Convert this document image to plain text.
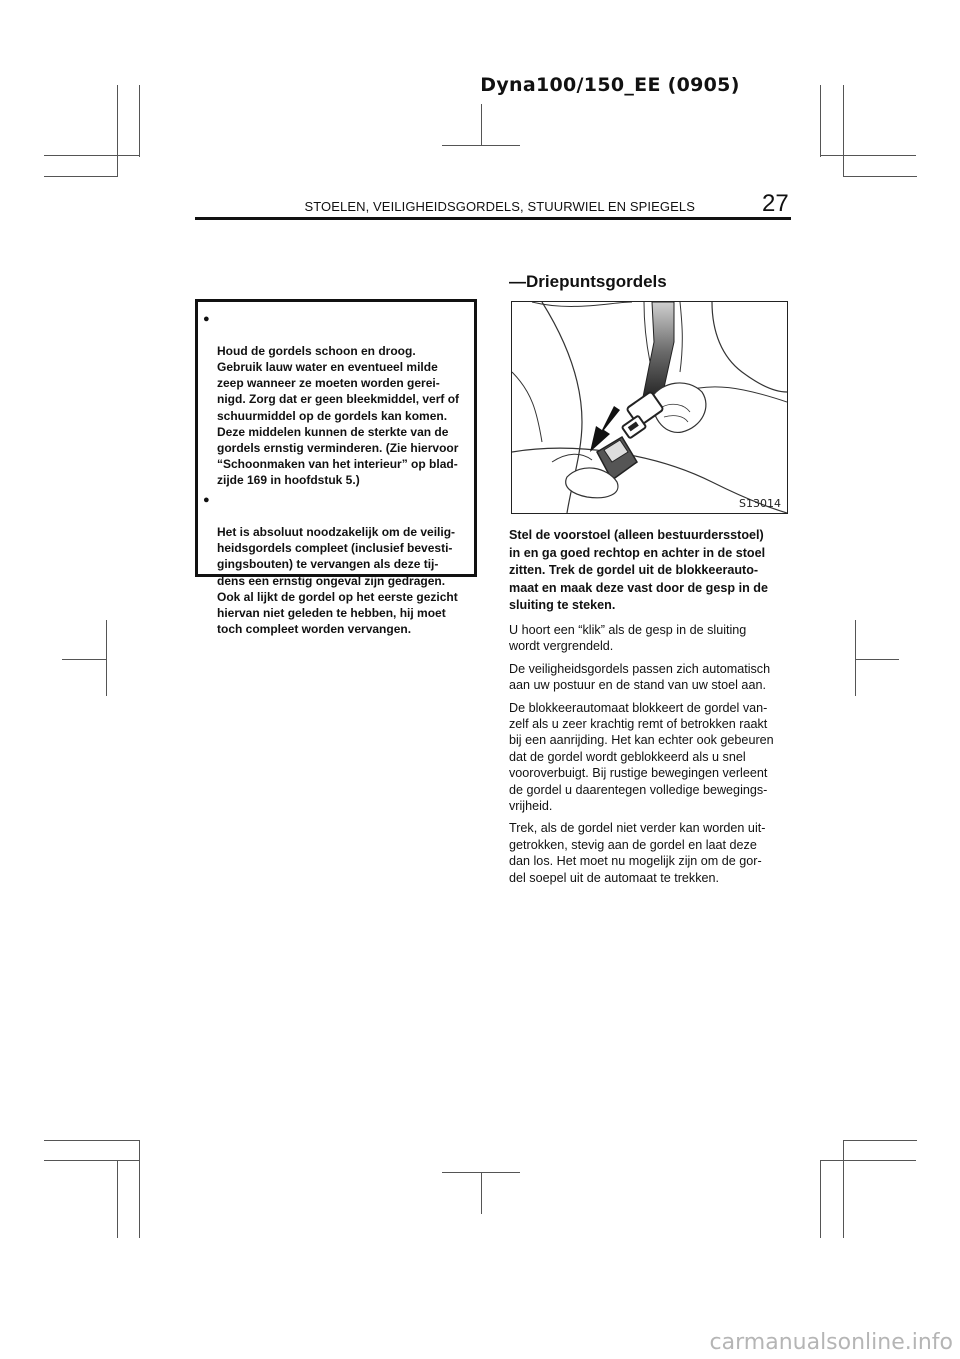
Dyna100/150_EE (0905)
STOELEN, VEILIGHEIDSGORDELS, STUURWIEL EN SPIEGELS	27

●

Houd de gordels schoon en droog.
Gebruik lauw water en eventueel milde
zeep wanneer ze moeten worden gerei-
nigd. Zorg dat er geen bleekmiddel, verf of
schuurmiddel op de gordels kan komen.
Deze middelen kunnen de sterkte van de
gordels ernstig verminderen. (Zie hiervoor
“Schoonmaken van het interieur” op blad-
zijde 169 in hoofdstuk 5.)

●

Het is absoluut noodzakelijk om de veilig-
heidsgordels compleet (inclusief bevesti-
gingsbouten) te vervangen als deze tij-
dens een ernstig ongeval zijn gedragen.
Ook al lijkt de gordel op het eerste gezicht
hiervan niet geleden te hebben, hij moet
toch compleet worden vervangen.

—Driepuntsgordels
S13014

Stel de voorstoel (alleen bestuurdersstoel)
in en ga goed rechtop en achter in de stoel
zitten. Trek de gordel uit de blokkeerauto-
maat en maak deze vast door de gesp in de
sluiting te steken.

U hoort een “klik” als de gesp in de sluiting
wordt vergrendeld.

De veiligheidsgordels passen zich automatisch
aan uw postuur en de stand van uw stoel aan.

De blokkeerautomaat blokkeert de gordel van-
zelf als u zeer krachtig remt of betrokken raakt
bij een aanrijding. Het kan echter ook gebeuren
dat de gordel wordt geblokkeerd als u snel
vooroverbuigt. Bij rustige bewegingen verleent
de gordel u daarentegen volledige bewegings-
vrijheid.

Trek, als de gordel niet verder kan worden uit-
getrokken, stevig aan de gordel en laat deze
dan los. Het moet nu mogelijk zijn om de gor-
del soepel uit de automaat te trekken.

carmanualsonline.info
